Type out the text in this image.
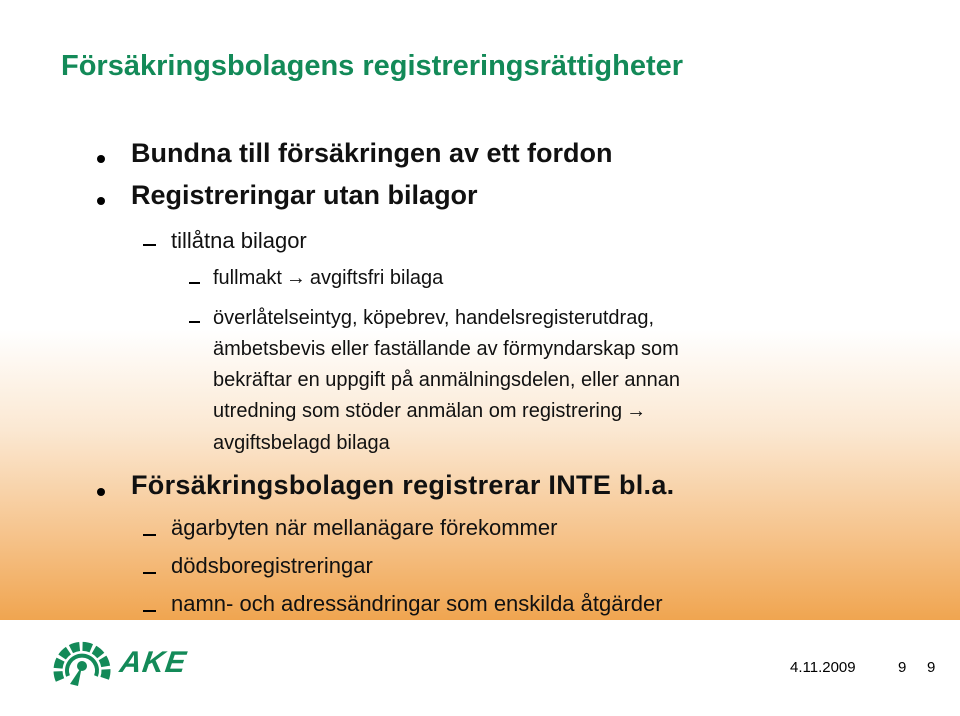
Försäkringsbolagens registreringsrättigheter
Bundna till försäkringen av ett fordon
Registreringar utan bilagor
tillåtna bilagor
fullmakt → avgiftsfri bilaga
överlåtelseintyg, köpebrev, handelsregisterutdrag,
ämbetsbevis eller faställande av förmyndarskap som
bekräftar en uppgift på anmälningsdelen, eller annan
utredning som stöder anmälan om registrering →
avgiftsbelagd bilaga
Försäkringsbolagen registrerar INTE bl.a.
ägarbyten när mellanägare förekommer
dödsboregistreringar
namn- och adressändringar som enskilda åtgärder
AKE	4.11.2009	9 9
